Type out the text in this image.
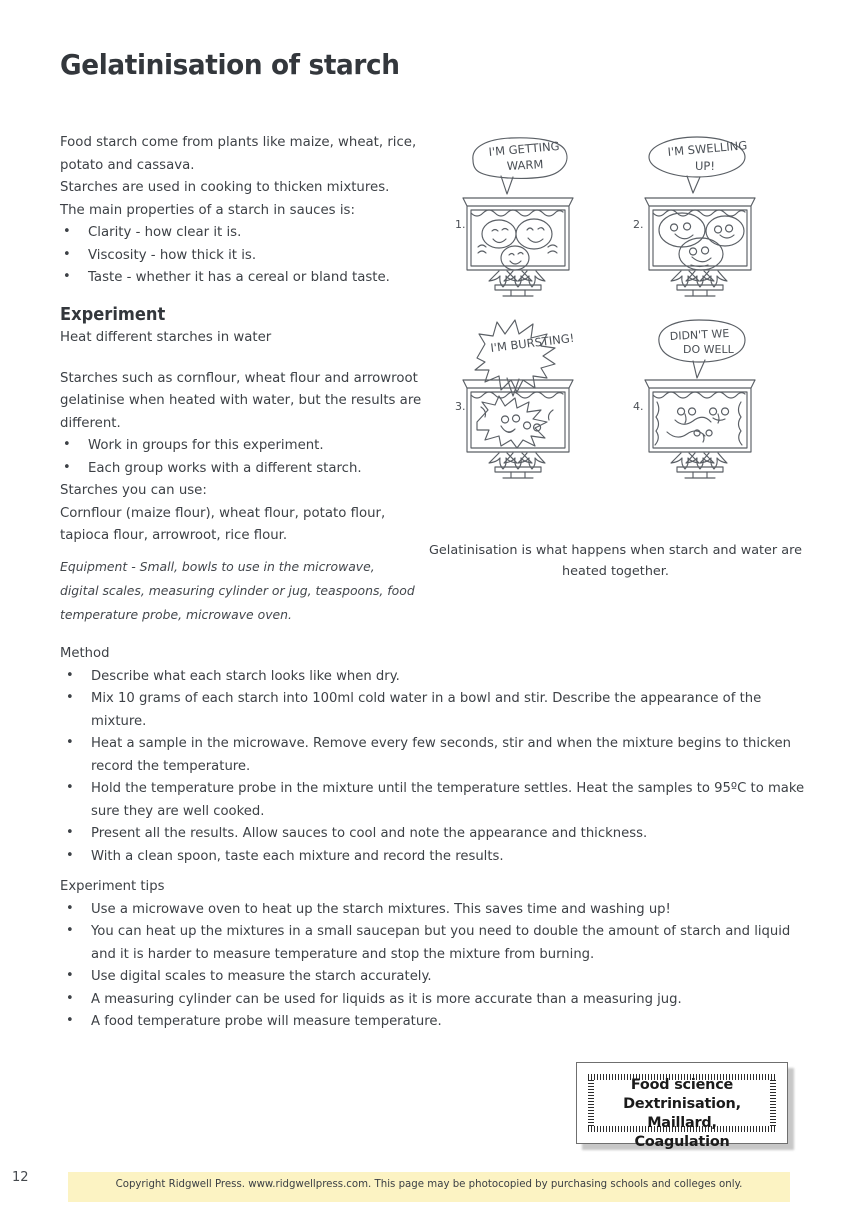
Gelatinisation of starch

Food starch come from plants like maize, wheat, rice,

potato and cassava.

Starches are used in cooking to thicken mixtures.

The main properties of a starch in sauces is:

• Clarity - how clear it is.
• Viscosity - how thick it is.
• Taste - whether it has a cereal or bland taste.
Experiment

Heat different starches in water

Starches such as cornflour, wheat flour and arrowroot

gelatinise when heated with water, but the results are

different.

• Work in groups for this experiment.
• Each group works with a different starch.

Starches you can use:

Cornflour (maize flour), wheat flour, potato flour,

tapioca flour, arrowroot, rice flour.

Equipment - Small, bowls to use in the microwave,
digital scales, measuring cylinder or jug, teaspoons, food
temperature probe, microwave oven.
1.
I'M GETTING
WARM
2.
I'M SWELLING
UP!
3.
I'M BURSTING!
4.
DIDN'T WE
DO WELL
Gelatinisation is what happens when starch and water are
heated together.

Method

• Describe what each starch looks like when dry.
• Mix 10 grams of each starch into 100ml cold water in a bowl and stir. Describe the appearance of the mixture.
• Heat a sample in the microwave. Remove every few seconds, stir and when the mixture begins to thicken record the temperature.
• Hold the temperature probe in the mixture until the temperature settles. Heat the samples to 95ºC to make sure they are well cooked.
• Present all the results. Allow sauces to cool and note the appearance and thickness.
• With a clean spoon, taste each mixture and record the results.

Experiment tips

• Use a microwave oven to heat up the starch mixtures. This saves time and washing up!
• You can heat up the mixtures in a small saucepan but you need to double the amount of starch and liquid and it is harder to measure temperature and stop the mixture from burning.
• Use digital scales to measure the starch accurately.
• A measuring cylinder can be used for liquids as it is more accurate than a measuring jug.
• A food temperature probe will measure temperature.
Food science
Dextrinisation, Maillard,
Coagulation
12	Copyright Ridgwell Press. www.ridgwellpress.com. This page may be photocopied by purchasing schools and colleges only.
